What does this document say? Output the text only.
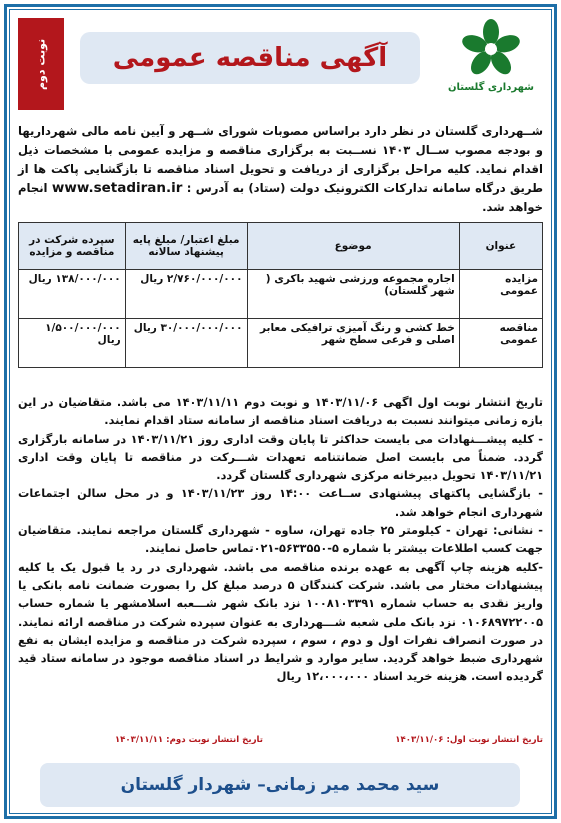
نوبت دوم	آگهی مناقصه عمومی
شهرداری گلستان
شــهرداری گلستان در نظر دارد براساس مصوبات شورای شــهر و آیین نامه مالی شهرداریها و بودجه مصوب ســال ۱۴۰۳ نســبت به برگزاری مناقصه و مزایده عمومی با مشخصات ذیل اقدام نماید. کلیه مراحل برگزاری از دریافت و تحویل اسناد مناقصه تا بازگشایی پاکت ها از طریق درگاه سامانه تدارکات الکترونیک دولت (ستاد) به آدرس : www.setadiran.ir انجام خواهد شد.
عنوان	موضوع	مبلغ اعتبار/ مبلغ پایه پیشنهاد سالانه	سپرده شرکت در مناقصه و مزایده
مزایده عمومی	اجاره مجموعه ورزشی شهید باکری ( شهر گلستان)	۲/۷۶۰/۰۰۰/۰۰۰ ریال	۱۳۸/۰۰۰/۰۰۰ ریال
مناقصه عمومی	خط کشی و رنگ آمیزی ترافیکی معابر اصلی و فرعی سطح شهر	۳۰/۰۰۰/۰۰۰/۰۰۰ ریال	۱/۵۰۰/۰۰۰/۰۰۰ ریال

تاریخ انتشار نوبت اول اگهی ۱۴۰۳/۱۱/۰۶ و نوبت دوم ۱۴۰۳/۱۱/۱۱ می باشد. متقاضیان در این بازه زمانی میتوانند نسبت به دریافت اسناد مناقصه از سامانه ستاد اقدام نمایند.

- کلیه پیشـــنهادات می بایست حداکثر تا پایان وقت اداری روز ۱۴۰۳/۱۱/۲۱ در سامانه بارگزاری گردد. ضمناً می بایست اصل ضمانتنامه تعهدات شـــرکت در مناقصه تا پایان وقت اداری ۱۴۰۳/۱۱/۲۱ تحویل دبیرخانه مرکزی شهرداری گلستان گردد.

- بازگشایی پاکتهای پیشنهادی ســاعت ۱۴:۰۰ روز ۱۴۰۳/۱۱/۲۳ و در محل سالن اجتماعات شهرداری انجام خواهد شد.

- نشانی: تهران - کیلومتر ۲۵ جاده تهران، ساوه - شهرداری گلستان مراجعه نمایند. متقاضیان جهت کسب اطلاعات بیشتر با شماره ۵-۵۶۳۳۵۵۰-۰۲۱تماس حاصل نمایند.

-کلیه هزینه چاپ آگهی به عهده برنده مناقصه می باشد. شهرداری در رد یا قبول یک یا کلیه پیشنهادات مختار می باشد. شرکت کنندگان ۵ درصد مبلغ کل را بصورت ضمانت نامه بانکی یا واریز نقدی به حساب شماره ۱۰۰۸۱۰۳۳۹۱ نزد بانک شهر شـــعبه اسلامشهر یا شماره حساب ۰۱۰۶۸۹۷۲۲۰۰۵ نزد بانک ملی شعبه شـــهرداری به عنوان سپرده شرکت در مناقصه ارائه نمایند. در صورت انصراف نفرات اول و دوم ، سوم ، سپرده شرکت در مناقصه و مزایده ایشان به نفع شهرداری ضبط خواهد گردید. سایر موارد و شرایط در اسناد مناقصه موجود در سامانه ستاد قید گردیده است. هزینه خرید اسناد ۱۲،۰۰۰،۰۰۰ ریال

تاریخ انتشار نوبت اول: ۱۴۰۳/۱۱/۰۶
تاریخ انتشار نوبت دوم: ۱۴۰۳/۱۱/۱۱
سید محمد میر زمانی– شهردار گلستان
